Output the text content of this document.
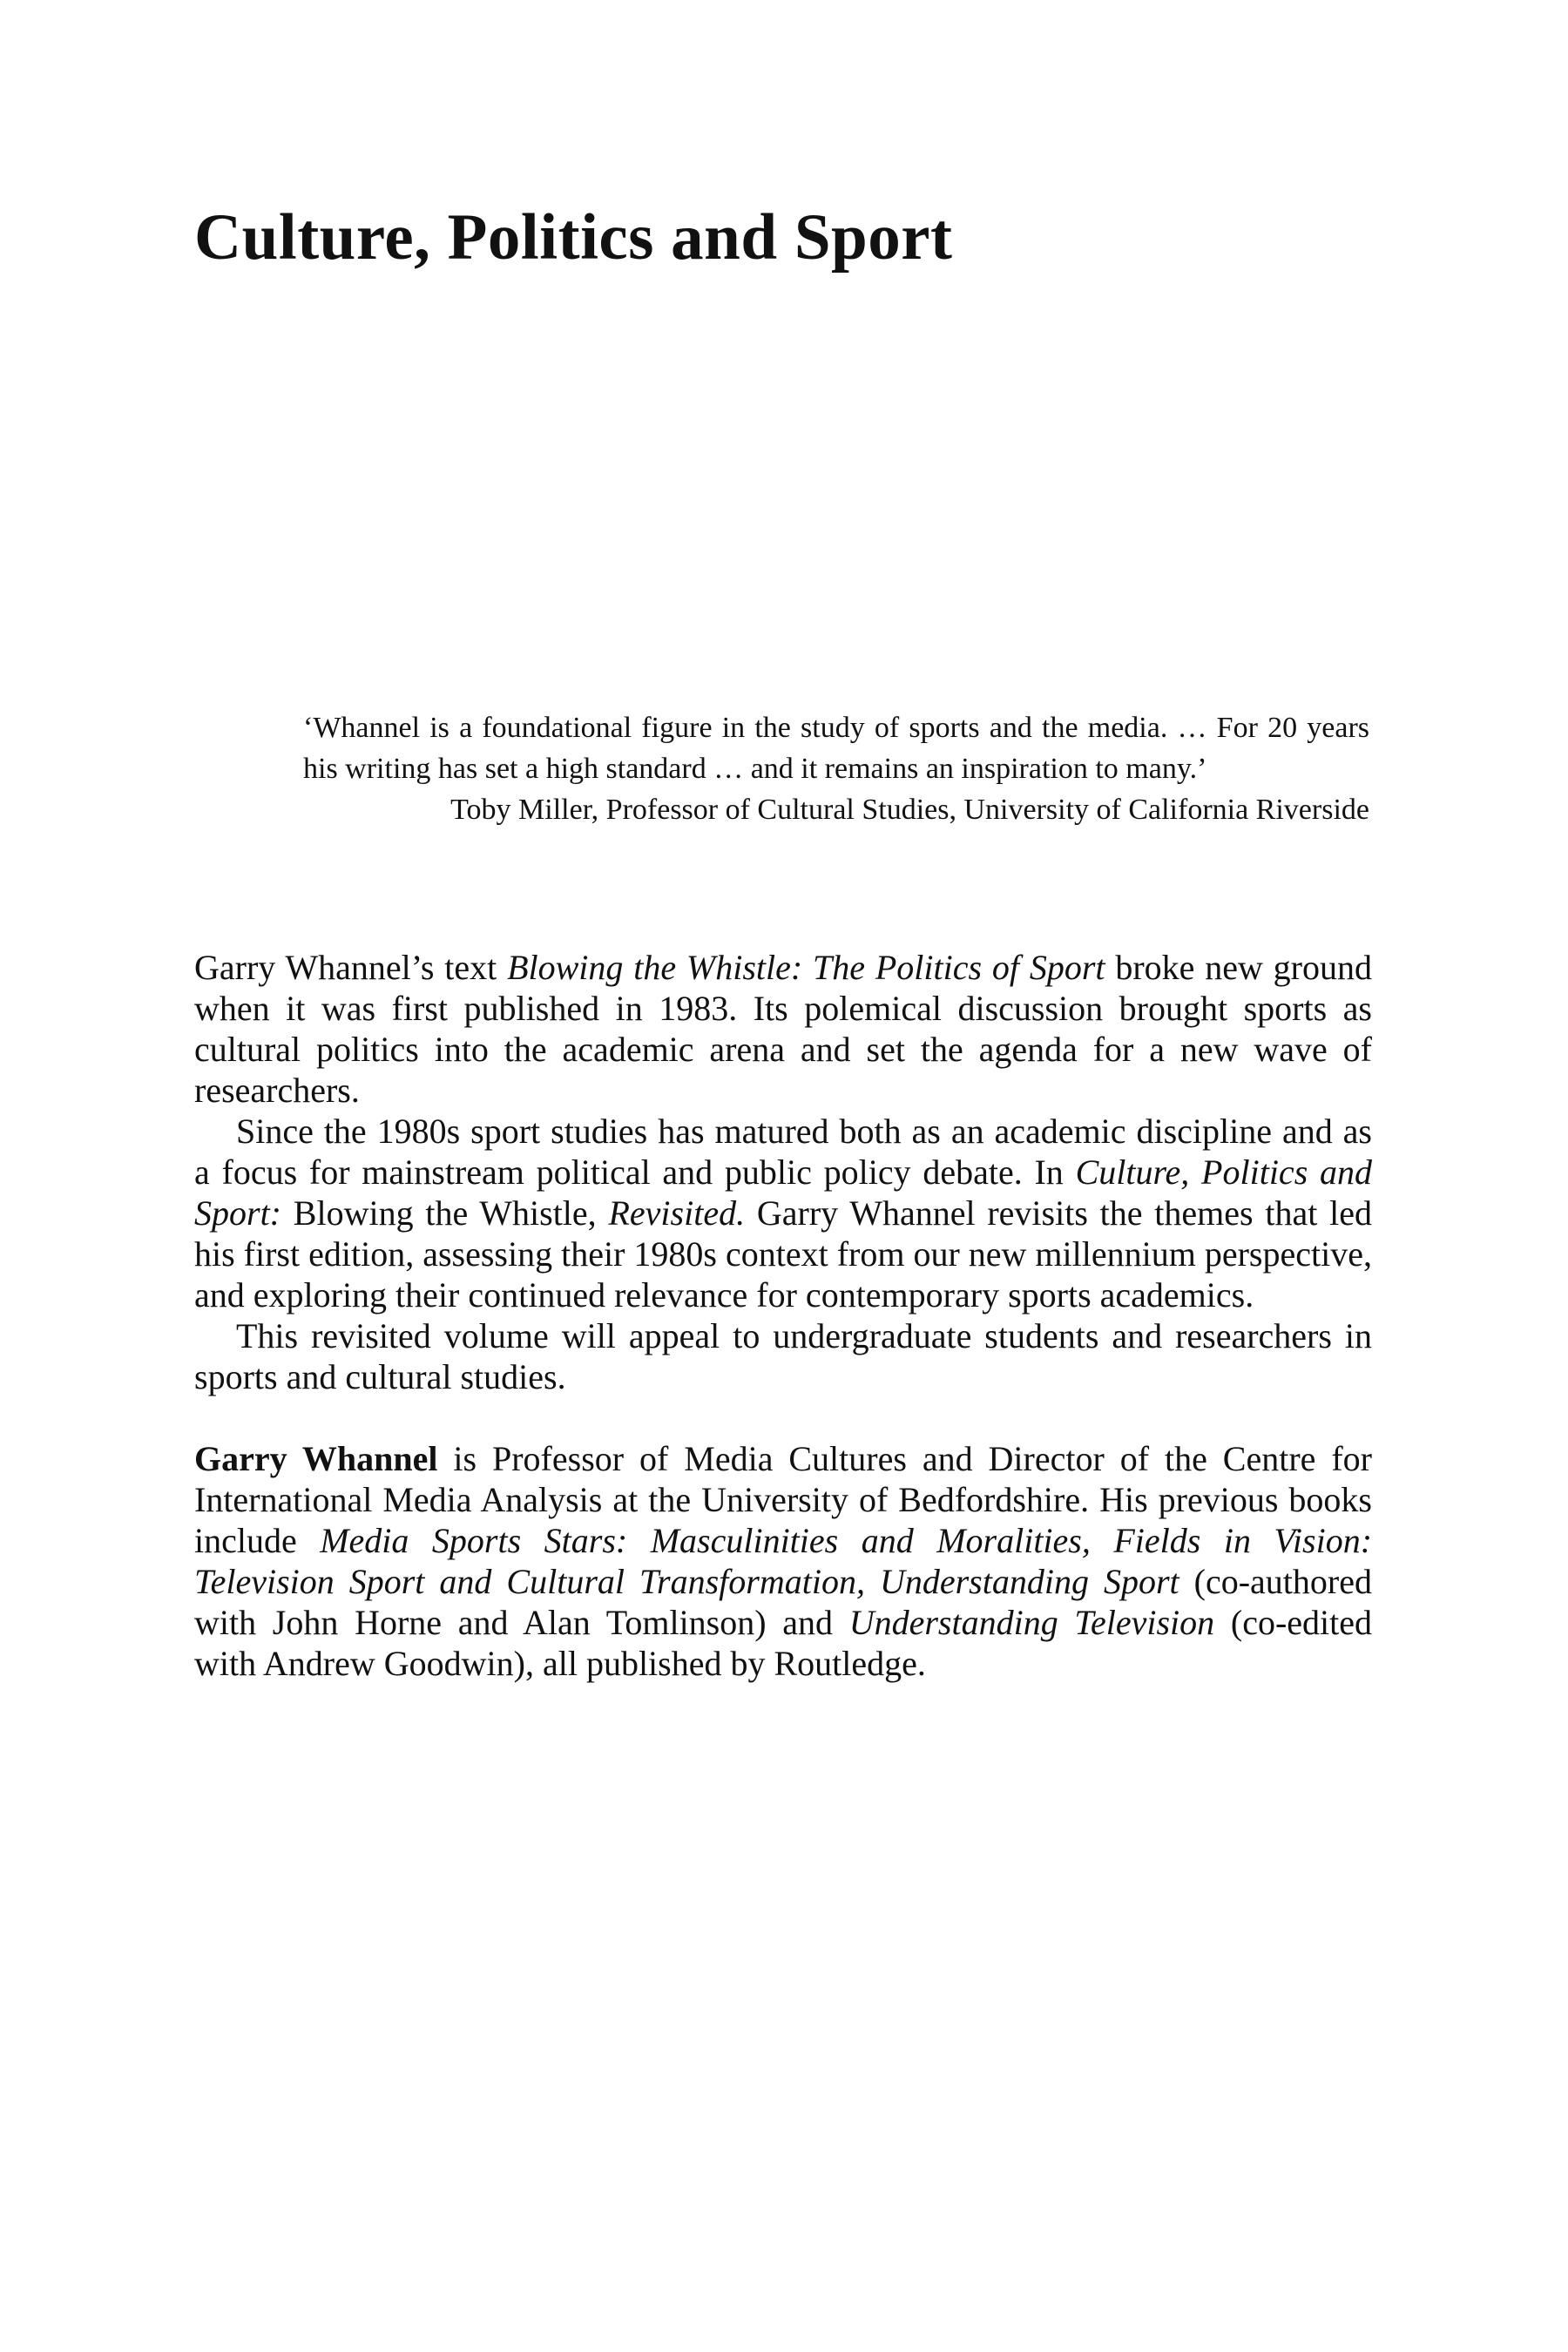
Culture, Politics and Sport

‘Whannel is a foundational figure in the study of sports and the media. … For 20 years his writing has set a high standard … and it remains an inspiration to many.’

Toby Miller, Professor of Cultural Studies, University of California Riverside

Garry Whannel’s text Blowing the Whistle: The Politics of Sport broke new ground when it was first published in 1983. Its polemical discussion brought sports as cultural politics into the academic arena and set the agenda for a new wave of researchers.

Since the 1980s sport studies has matured both as an academic discipline and as a focus for mainstream political and public policy debate. In Culture, Politics and Sport: Blowing the Whistle, Revisited. Garry Whannel revisits the themes that led his first edition, assessing their 1980s context from our new millennium perspective, and exploring their continued relevance for contemporary sports academics.

This revisited volume will appeal to undergraduate students and researchers in sports and cultural studies.

Garry Whannel is Professor of Media Cultures and Director of the Centre for International Media Analysis at the University of Bedfordshire. His previous books include Media Sports Stars: Masculinities and Moralities, Fields in Vision: Television Sport and Cultural Transformation, Understanding Sport (co-authored with John Horne and Alan Tomlinson) and Understanding Television (co-edited with Andrew Goodwin), all published by Routledge.
